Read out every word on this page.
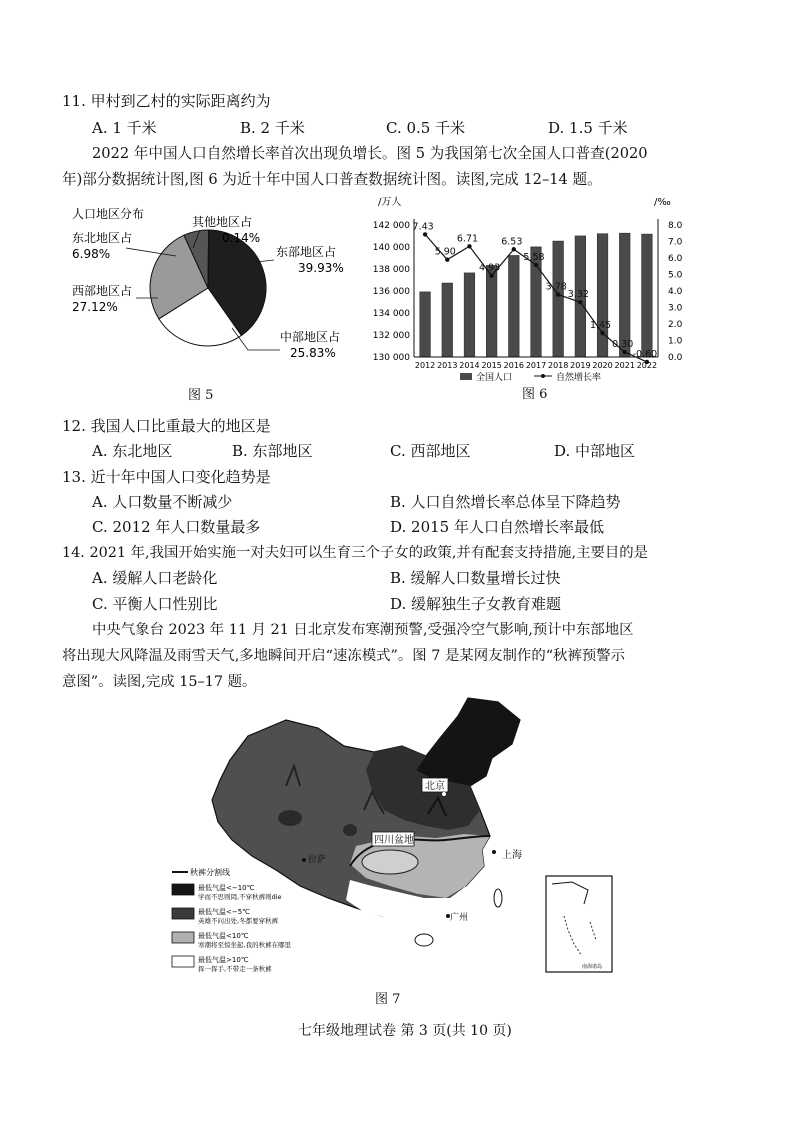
11. 甲村到乙村的实际距离约为
A. 1 千米	B. 2 千米	C. 0.5 千米	D. 1.5 千米
2022 年中国人口自然增长率首次出现负增长。图 5 为我国第七次全国人口普查(2020
年)部分数据统计图,图 6 为近十年中国人口普查数据统计图。读图,完成 12–14 题。
人口地区分布
其他地区占
0.14%
东北地区占
6.98%	东部地区占
39.93%
西部地区占
27.12%
中部地区占
25.83%
图 5
/万人	/‰
7.43
5.90
6.71
4.93
6.53
5.58
3.78
3.32
1.45
0.30
-0.60
130 000
132 000
134 000
136 000
138 000
140 000
142 000
0.0
1.0
2.0
3.0
4.0
5.0
6.0
7.0
8.0
2012 2013 2014 2015 2016 2017 2018 2019 2020 2021 2022
全国人口	自然增长率
图 6
12. 我国人口比重最大的地区是
A. 东北地区	B. 东部地区	C. 西部地区	D. 中部地区
13. 近十年中国人口变化趋势是
A. 人口数量不断减少	B. 人口自然增长率总体呈下降趋势
C. 2012 年人口数量最多	D. 2015 年人口自然增长率最低
14. 2021 年,我国开始实施一对夫妇可以生育三个子女的政策,并有配套支持措施,主要目的是
A. 缓解人口老龄化	B. 缓解人口数量增长过快
C. 平衡人口性别比	D. 缓解独生子女教育难题
中央气象台 2023 年 11 月 21 日北京发布寒潮预警,受强冷空气影响,预计中东部地区
将出现大风降温及雨雪天气,多地瞬间开启“速冻模式”。图 7 是某网友制作的“秋裤预警示
意图”。读图,完成 15–17 题。
北京
上海
四川盆地
拉萨
广州
秋裤分割线
最低气温<−10℃
学而不思则罔,不穿秋裤则die
最低气温<−5℃
英雄不问出处,冬都要穿秋裤
最低气温<10℃
寒潮将至惊坐起,我的秋裤在哪里
最低气温>10℃
挥一挥手,不带走一条秋裤	南海诸岛
图 7
七年级地理试卷 第 3 页(共 10 页)
